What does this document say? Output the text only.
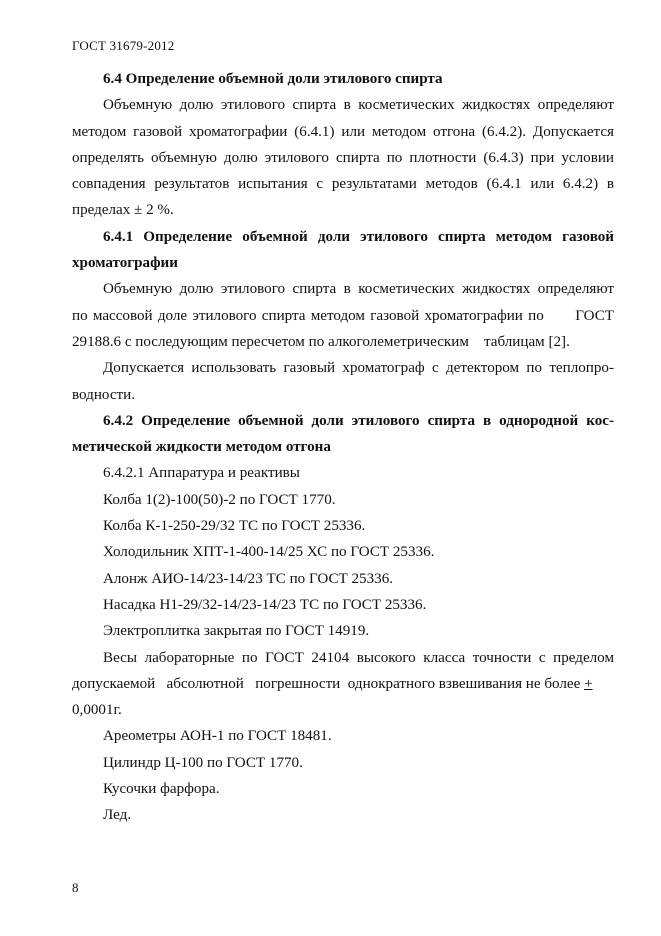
ГОСТ 31679-2012

6.4 Определение объемной доли этилового спирта

Объемную долю этилового спирта в косметических жидкостях определяют методом газовой хроматографии (6.4.1) или методом отгона (6.4.2). Допускается определять объемную долю этилового спирта по плотности (6.4.3) при условии совпадения результатов испытания с результатами методов (6.4.1 или 6.4.2) в пределах ± 2 %.

6.4.1 Определение объемной доли этилового спирта методом газовой хроматографии

Объемную долю этилового спирта в косметических жидкостях определяют

по массовой доле этилового спирта методом газовой хроматографии по      ГОСТ

29188.6 с последующим пересчетом по алкоголеметрическим    таблицам [2].

Допускается использовать газовый хроматограф с детектором по теплопро-водности.

6.4.2 Определение объемной доли этилового спирта в однородной кос-метической жидкости методом отгона

6.4.2.1 Аппаратура и реактивы

Колба 1(2)-100(50)-2 по ГОСТ 1770.

Колба К-1-250-29/32 ТС по ГОСТ 25336.

Холодильник ХПТ-1-400-14/25 ХС по ГОСТ 25336.

Алонж АИО-14/23-14/23 ТС по ГОСТ 25336.

Насадка Н1-29/32-14/23-14/23 ТС по ГОСТ 25336.

Электроплитка закрытая по ГОСТ 14919.

Весы лабораторные по ГОСТ 24104 высокого класса точности с пределом

допускаемой   абсолютной   погрешности  однократного взвешивания не более +

0,0001г.

Ареометры АОН-1 по ГОСТ 18481.

Цилиндр Ц-100 по ГОСТ 1770.

Кусочки фарфора.

Лед.

8
